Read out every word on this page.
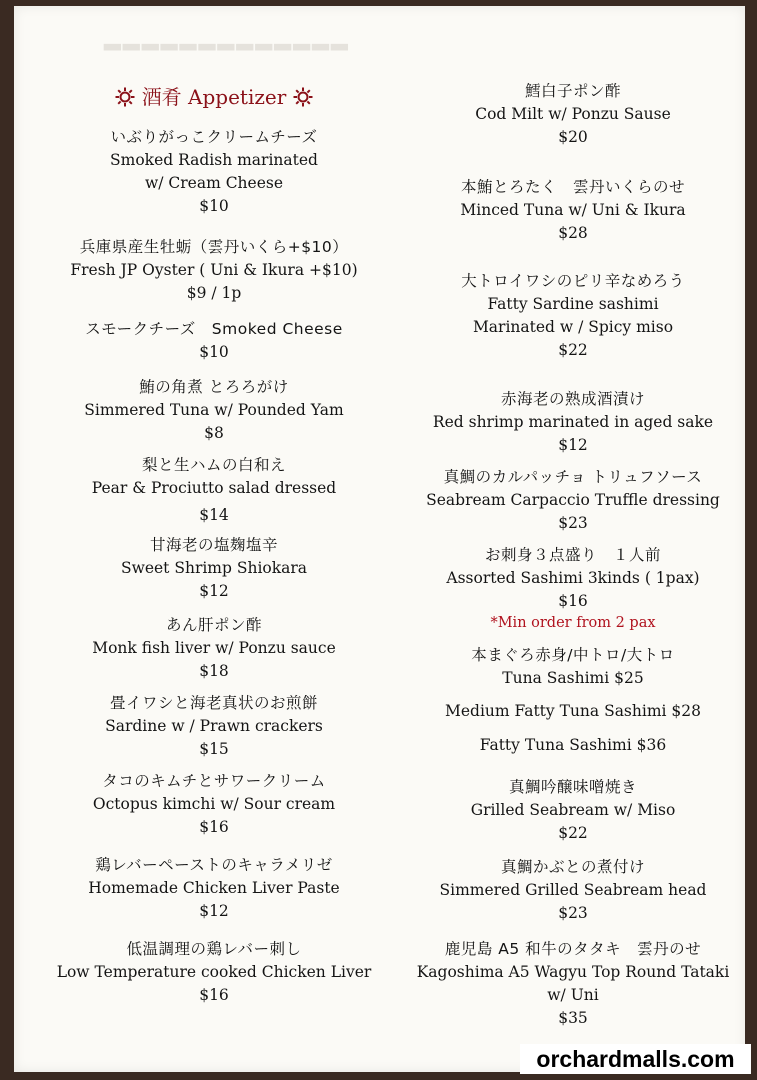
▂▂▂▂▂▂▂▂▂▂▂▂▂
酒肴 Appetizer
いぶりがっこクリームチーズ
Smoked Radish marinated
w/ Cream Cheese
$10
兵庫県産生牡蛎（雲丹いくら+$10）
Fresh JP Oyster ( Uni & Ikura +$10)
$9 / 1p
スモークチーズ　Smoked Cheese
$10
鮪の角煮 とろろがけ
Simmered Tuna w/ Pounded Yam
$8
梨と生ハムの白和え
Pear & Prociutto salad dressed
$14
甘海老の塩麹塩辛
Sweet Shrimp Shiokara
$12
あん肝ポン酢
Monk fish liver w/ Ponzu sauce
$18
畳イワシと海老真状のお煎餅
Sardine w / Prawn crackers
$15
タコのキムチとサワークリーム
Octopus kimchi w/ Sour cream
$16
鶏レバーペーストのキャラメリゼ
Homemade Chicken Liver Paste
$12
低温調理の鶏レバー刺し
Low Temperature cooked Chicken Liver
$16
鱈白子ポン酢
Cod Milt w/ Ponzu Sause
$20
本鮪とろたく　雲丹いくらのせ
Minced Tuna w/ Uni & Ikura
$28
大トロイワシのピリ辛なめろう
Fatty Sardine sashimi
Marinated w / Spicy miso
$22
赤海老の熟成酒漬け
Red shrimp marinated in aged sake
$12
真鯛のカルパッチョ トリュフソース
Seabream Carpaccio Truffle dressing
$23
お刺身３点盛り　１人前
Assorted Sashimi 3kinds ( 1pax)
$16
*Min order from 2 pax
本まぐろ赤身/中トロ/大トロ
Tuna Sashimi $25
Medium Fatty Tuna Sashimi $28
Fatty Tuna Sashimi $36
真鯛吟醸味噌焼き
Grilled Seabream w/ Miso
$22
真鯛かぶとの煮付け
Simmered Grilled Seabream head
$23
鹿児島 A5 和牛のタタキ　雲丹のせ
Kagoshima A5 Wagyu Top Round Tataki
w/ Uni
$35
orchardmalls.com
